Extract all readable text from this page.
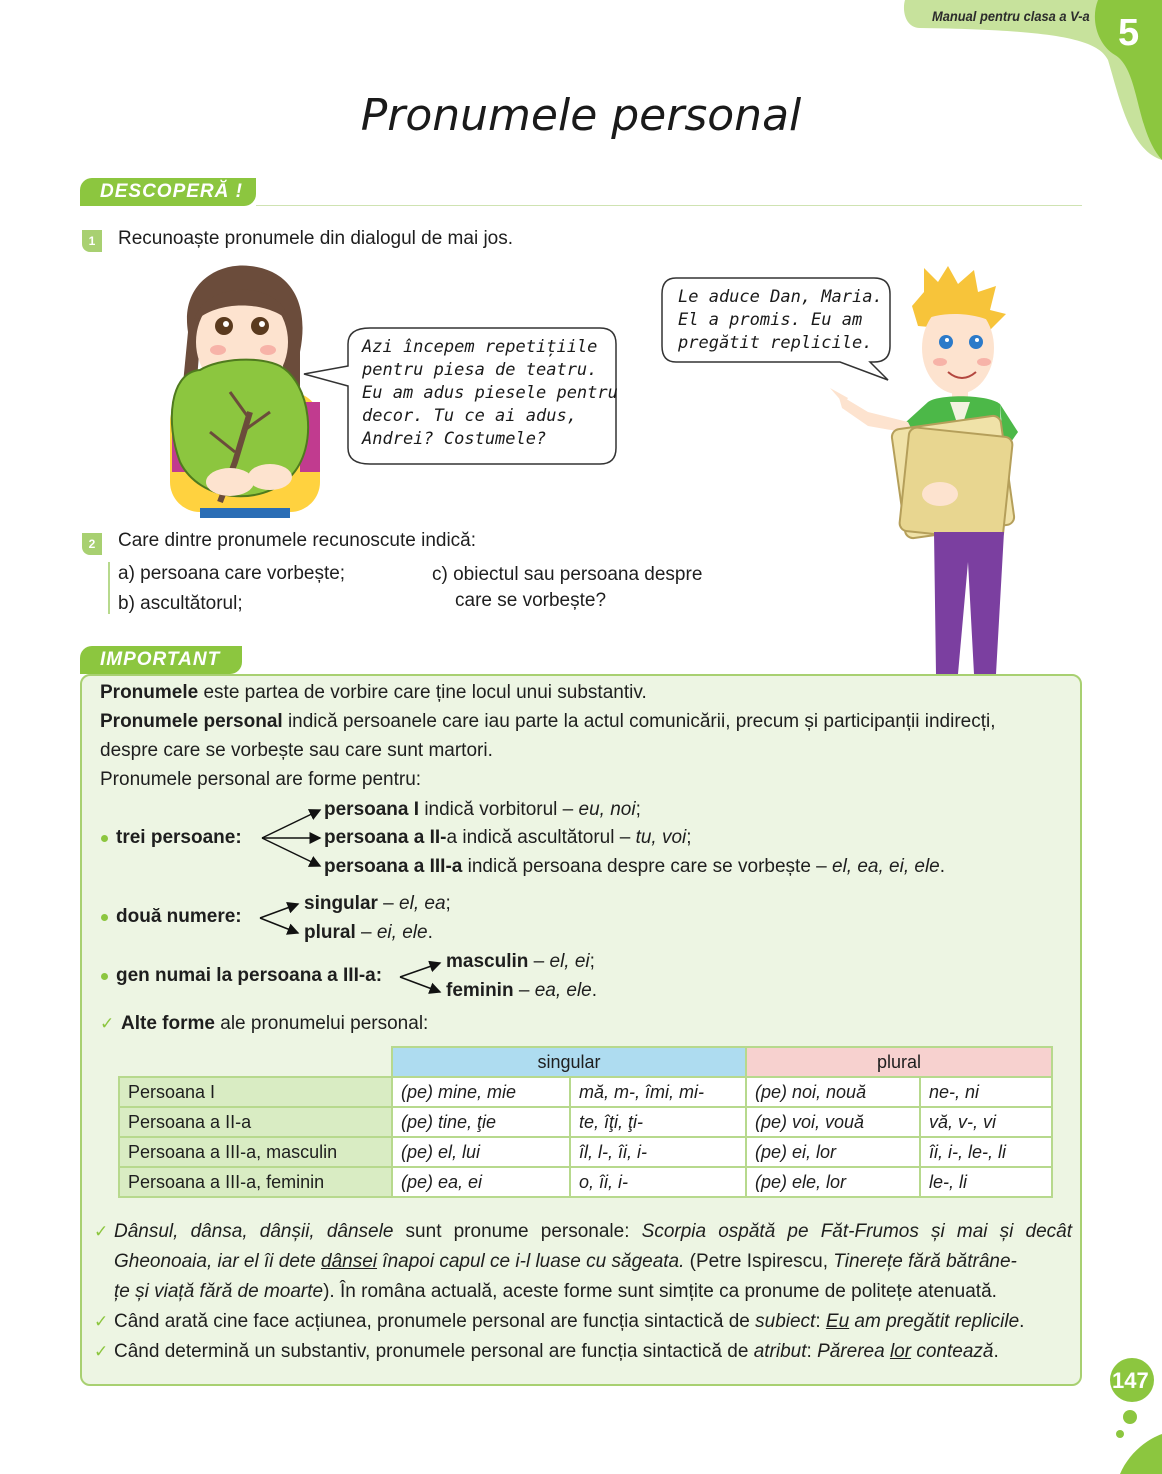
Manual pentru clasa a V-a 5
Pronumele personal
DESCOPERĂ !
1	Recunoaște pronumele din dialogul de mai jos.
Azi începem repetițiile
pentru piesa de teatru.
Eu am adus piesele pentru
decor. Tu ce ai adus,
Andrei? Costumele?
Le aduce Dan, Maria.
El a promis. Eu am
pregătit replicile.
2	Care dintre pronumele recunoscute indică:
a) persoana care vorbește;
b) ascultătorul;
c) obiectul sau persoana despre
care se vorbește?
IMPORTANT
Pronumele este partea de vorbire care ține locul unui substantiv.
Pronumele personal indică persoanele care iau parte la actul comunicării, precum și participanții indirecți,
despre care se vorbește sau care sunt martori.
Pronumele personal are forme pentru:
trei persoane:
persoana I indică vorbitorul – eu, noi;
persoana a II-a indică ascultătorul – tu, voi;
persoana a III-a indică persoana despre care se vorbește – el, ea, ei, ele.
două numere:
singular – el, ea;
plural – ei, ele.
gen numai la persoana a III-a:
masculin – el, ei;
feminin – ea, ele.
✓ Alte forme ale pronumelui personal:
	singular		plural	
Persoana I	(pe) mine, mie	mă, m-, îmi, mi-	(pe) noi, nouă	ne-, ni
Persoana a II-a	(pe) tine, ţie	te, îţi, ţi-	(pe) voi, vouă	vă, v-, vi
Persoana a III-a, masculin	(pe) el, lui	îl, l-, îi, i-	(pe) ei, lor	îi, i-, le-, li
Persoana a III-a, feminin	(pe) ea, ei	o, îi, i-	(pe) ele, lor	le-, li
✓ Dânsul, dânsa, dânșii, dânsele sunt pronume personale: Scorpia ospătă pe Făt-Frumos și mai și decât
Gheonoaia, iar el îi dete dânsei înapoi capul ce i-l luase cu săgeata. (Petre Ispirescu, Tinerețe fără bătrâne-
țe și viață fără de moarte). În româna actuală, aceste forme sunt simțite ca pronume de politețe atenuată.
✓ Când arată cine face acțiunea, pronumele personal are funcția sintactică de subiect: Eu am pregătit replicile.
✓ Când determină un substantiv, pronumele personal are funcția sintactică de atribut: Părerea lor contează.
147
